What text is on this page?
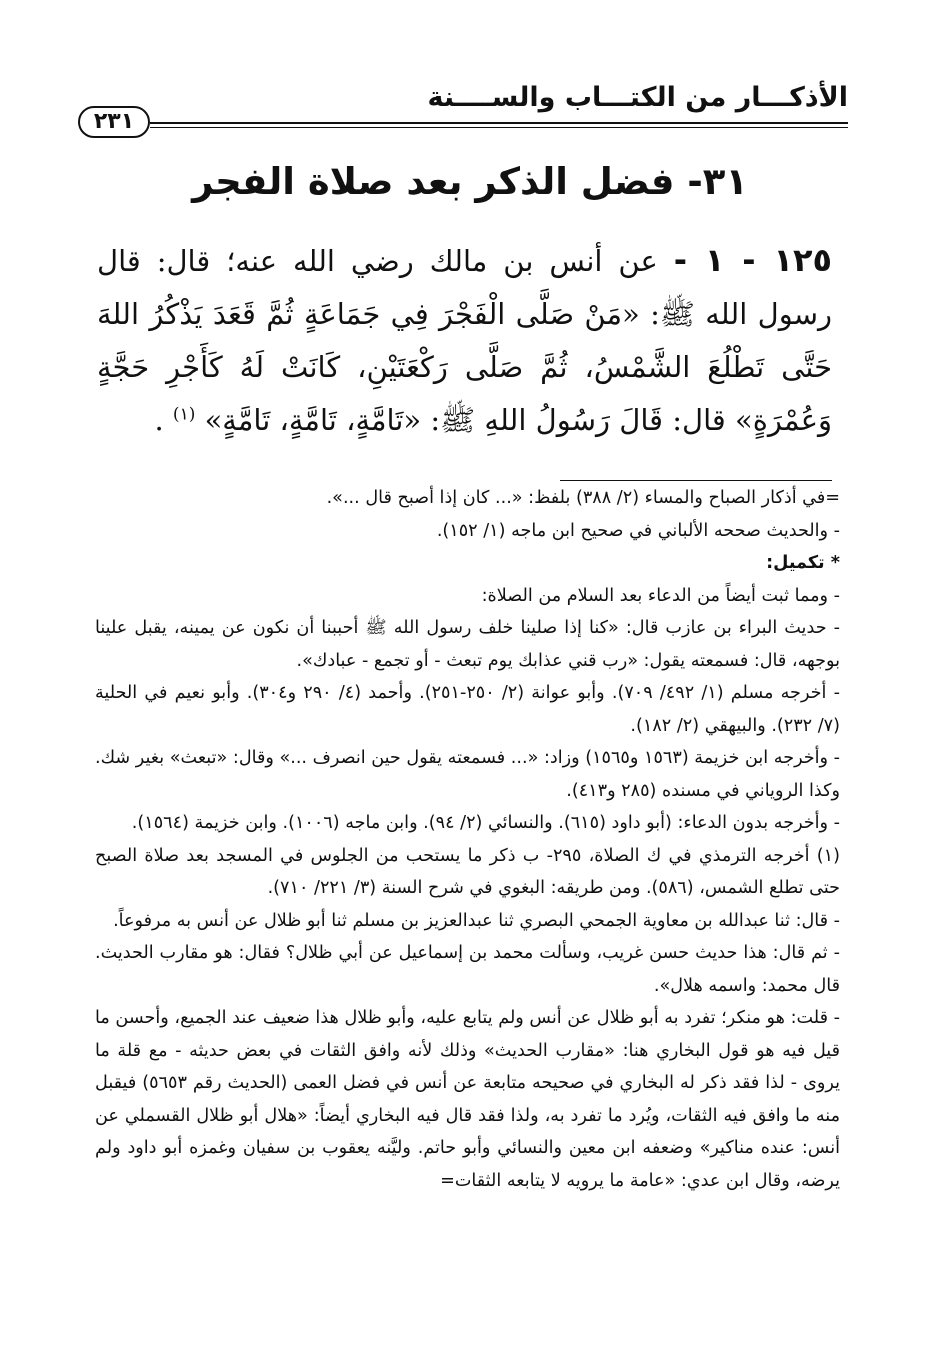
الأذكـــار من الكتـــاب والســــنة
٢٣١
٣١- فضل الذكر بعد صلاة الفجر
١٢٥ - ١ - عن أنس بن مالك رضي الله عنه؛ قال: قال رسول الله ﷺ: «مَنْ صَلَّى الْفَجْرَ فِي جَمَاعَةٍ ثُمَّ قَعَدَ يَذْكُرُ اللهَ حَتَّى تَطْلُعَ الشَّمْسُ، ثُمَّ صَلَّى رَكْعَتَيْنِ، كَانَتْ لَهُ كَأَجْرِ حَجَّةٍ وَعُمْرَةٍ» قال: قَالَ رَسُولُ اللهِ ﷺ: «تَامَّةٍ، تَامَّةٍ، تَامَّةٍ» $^{(١)}$ .

=في أذكار الصباح والمساء (٢/ ٣٨٨) بلفظ: «... كان إذا أصبح قال ...».

- والحديث صححه الألباني في صحيح ابن ماجه (١/ ١٥٢).

* تكميل:

- ومما ثبت أيضاً من الدعاء بعد السلام من الصلاة:

- حديث البراء بن عازب قال: «كنا إذا صلينا خلف رسول الله ﷺ أحببنا أن نكون عن يمينه، يقبل علينا بوجهه، قال: فسمعته يقول: «رب قني عذابك يوم تبعث - أو تجمع - عبادك».

- أخرجه مسلم (١/ ٤٩٢/ ٧٠٩). وأبو عوانة (٢/ ٢٥٠-٢٥١). وأحمد (٤/ ٢٩٠ و٣٠٤). وأبو نعيم في الحلية (٧/ ٢٣٢). والبيهقي (٢/ ١٨٢).

- وأخرجه ابن خزيمة (١٥٦٣ و١٥٦٥) وزاد: «... فسمعته يقول حين انصرف ...» وقال: «تبعث» بغير شك. وكذا الروياني في مسنده (٢٨٥ و٤١٣).

- وأخرجه بدون الدعاء: (أبو داود (٦١٥). والنسائي (٢/ ٩٤). وابن ماجه (١٠٠٦). وابن خزيمة (١٥٦٤).

(١) أخرجه الترمذي في ك الصلاة، ٢٩٥- ب ذكر ما يستحب من الجلوس في المسجد بعد صلاة الصبح حتى تطلع الشمس، (٥٨٦). ومن طريقه: البغوي في شرح السنة (٣/ ٢٢١/ ٧١٠).

- قال: ثنا عبدالله بن معاوية الجمحي البصري ثنا عبدالعزيز بن مسلم ثنا أبو ظلال عن أنس به مرفوعاً.

- ثم قال: هذا حديث حسن غريب، وسألت محمد بن إسماعيل عن أبي ظلال؟ فقال: هو مقارب الحديث. قال محمد: واسمه هلال».

- قلت: هو منكر؛ تفرد به أبو ظلال عن أنس ولم يتابع عليه، وأبو ظلال هذا ضعيف عند الجميع، وأحسن ما قيل فيه هو قول البخاري هنا: «مقارب الحديث» وذلك لأنه وافق الثقات في بعض حديثه - مع قلة ما يروى - لذا فقد ذكر له البخاري في صحيحه متابعة عن أنس في فضل العمى (الحديث رقم ٥٦٥٣) فيقبل منه ما وافق فيه الثقات، ويُرد ما تفرد به، ولذا فقد قال فيه البخاري أيضاً: «هلال أبو ظلال القسملي عن أنس: عنده مناكير» وضعفه ابن معين والنسائي وأبو حاتم. وليَّنه يعقوب بن سفيان وغمزه أبو داود ولم يرضه، وقال ابن عدي: «عامة ما يرويه لا يتابعه الثقات=
